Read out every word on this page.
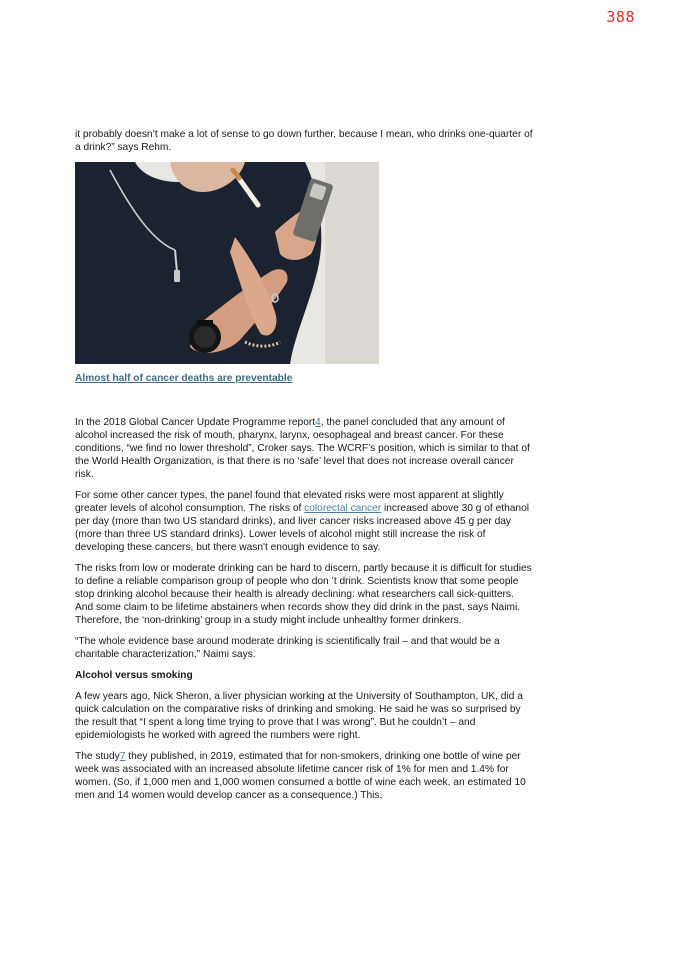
388

it probably doesn’t make a lot of sense to go down further, because I mean, who drinks one-quarter of a drink?” says Rehm.

Almost half of cancer deaths are preventable

In the 2018 Global Cancer Update Programme report4, the panel concluded that any amount of alcohol increased the risk of mouth, pharynx, larynx, oesophageal and breast cancer. For these conditions, “we find no lower threshold”, Croker says. The WCRF’s position, which is similar to that of the World Health Organization, is that there is no ‘safe’ level that does not increase overall cancer risk.

For some other cancer types, the panel found that elevated risks were most apparent at slightly greater levels of alcohol consumption. The risks of colorectal cancer increased above 30 g of ethanol per day (more than two US standard drinks), and liver cancer risks increased above 45 g per day (more than three US standard drinks). Lower levels of alcohol might still increase the risk of developing these cancers, but there wasn't enough evidence to say.

The risks from low or moderate drinking can be hard to discern, partly because it is difficult for studies to define a reliable comparison group of people who don ’t drink. Scientists know that some people stop drinking alcohol because their health is already declining: what researchers call sick-quitters. And some claim to be lifetime abstainers when records show they did drink in the past, says Naimi. Therefore, the ‘non-drinking’ group in a study might include unhealthy former drinkers.

“The whole evidence base around moderate drinking is scientifically frail – and that would be a charitable characterization,” Naimi says.

Alcohol versus smoking

A few years ago, Nick Sheron, a liver physician working at the University of Southampton, UK, did a quick calculation on the comparative risks of drinking and smoking. He said he was so surprised by the result that “I spent a long time trying to prove that I was wrong”. But he couldn’t – and epidemiologists he worked with agreed the numbers were right.

The study7 they published, in 2019, estimated that for non-smokers, drinking one bottle of wine per week was associated with an increased absolute lifetime cancer risk of 1% for men and 1.4% for women. (So, if 1,000 men and 1,000 women consumed a bottle of wine each week, an estimated 10 men and 14 women would develop cancer as a consequence.) This,
